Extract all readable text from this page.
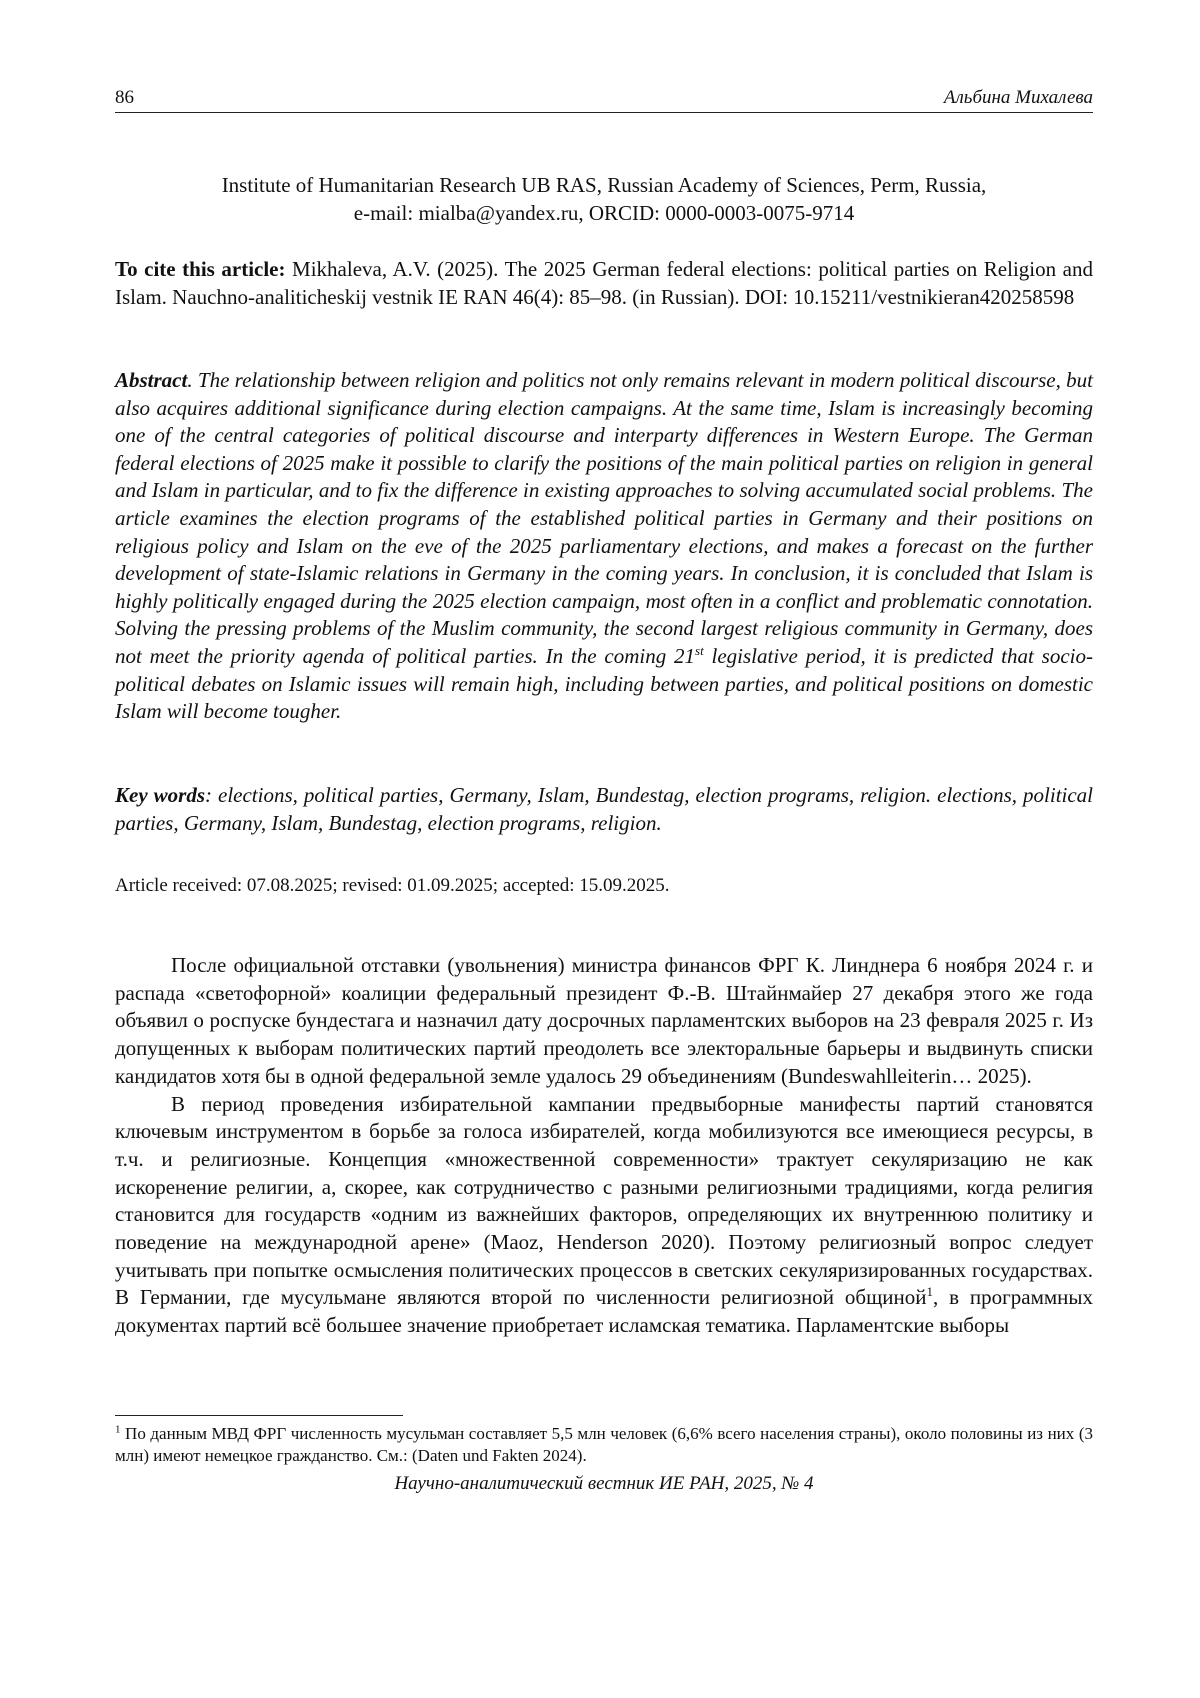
86	Альбина Михалева
Institute of Humanitarian Research UB RAS, Russian Academy of Sciences, Perm, Russia,
e-mail: mialba@yandex.ru, ORCID: 0000-0003-0075-9714
To cite this article: Mikhaleva, A.V. (2025). The 2025 German federal elections: political parties on Religion and Islam. Nauchno-analiticheskij vestnik IE RAN 46(4): 85–98. (in Russian). DOI: 10.15211/vestnikieran420258598
Abstract. The relationship between religion and politics not only remains relevant in modern political discourse, but also acquires additional significance during election campaigns. At the same time, Islam is increasingly becoming one of the central categories of political discourse and interparty differences in Western Europe. The German federal elections of 2025 make it possible to clarify the positions of the main political parties on religion in general and Islam in particular, and to fix the difference in existing approaches to solving accumulated social problems. The article examines the election programs of the established political parties in Germany and their positions on religious policy and Islam on the eve of the 2025 parliamentary elections, and makes a forecast on the further development of state-Islamic relations in Germany in the coming years. In conclusion, it is concluded that Islam is highly politically engaged during the 2025 election campaign, most often in a conflict and problematic connotation. Solving the pressing problems of the Muslim community, the second largest religious community in Germany, does not meet the priority agenda of political parties. In the coming 21st legislative period, it is predicted that socio-political debates on Islamic issues will remain high, including between parties, and political positions on domestic Islam will become tougher.
Key words: elections, political parties, Germany, Islam, Bundestag, election programs, religion. elections, political parties, Germany, Islam, Bundestag, election programs, religion.
Article received: 07.08.2025; revised: 01.09.2025; accepted: 15.09.2025.

После официальной отставки (увольнения) министра финансов ФРГ К. Линднера 6 ноября 2024 г. и распада «светофорной» коалиции федеральный президент Ф.-В. Штайнмайер 27 декабря этого же года объявил о роспуске бундестага и назначил дату досрочных парламентских выборов на 23 февраля 2025 г. Из допущенных к выборам политических партий преодолеть все электоральные барьеры и выдвинуть списки кандидатов хотя бы в одной федеральной земле удалось 29 объединениям (Bundeswahlleiterin… 2025).

В период проведения избирательной кампании предвыборные манифесты партий становятся ключевым инструментом в борьбе за голоса избирателей, когда мобилизуются все имеющиеся ресурсы, в т.ч. и религиозные. Концепция «множественной современности» трактует секуляризацию не как искоренение религии, а, скорее, как сотрудничество с разными религиозными традициями, когда религия становится для государств «одним из важнейших факторов, определяющих их внутреннюю политику и поведение на международной арене» (Maoz, Henderson 2020). Поэтому религиозный вопрос следует учитывать при попытке осмысления политических процессов в светских секуляризированных государствах. В Германии, где мусульмане являются второй по численности религиозной общиной$^1$, в программных документах партий всё большее значение приобретает исламская тематика. Парламентские выборы

$^1$ По данным МВД ФРГ численность мусульман составляет 5,5 млн человек (6,6% всего населения страны), около половины из них (3 млн) имеют немецкое гражданство. См.: (Daten und Fakten 2024).
Научно-аналитический вестник ИЕ РАН, 2025, № 4
